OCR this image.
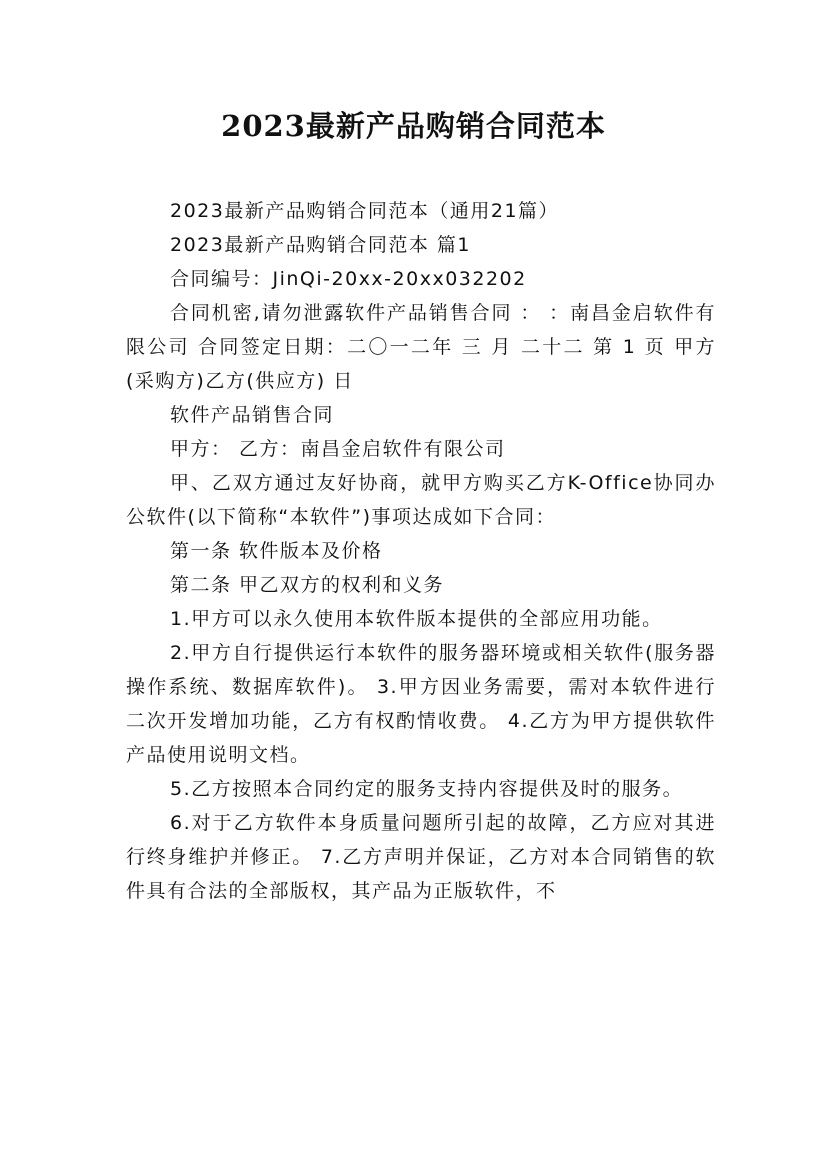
2023最新产品购销合同范本

2023最新产品购销合同范本（通用21篇）

2023最新产品购销合同范本 篇1

合同编号：JinQi-20xx-20xx032202

合同机密,请勿泄露软件产品销售合同 ： ：南昌金启软件有限公司 合同签定日期：二〇一二年 三 月 二十二 第 1 页 甲方(采购方)乙方(供应方) 日

软件产品销售合同

甲方： 乙方：南昌金启软件有限公司

甲、乙双方通过友好协商，就甲方购买乙方K-Office协同办公软件(以下简称“本软件”)事项达成如下合同：

第一条 软件版本及价格

第二条 甲乙双方的权利和义务

1.甲方可以永久使用本软件版本提供的全部应用功能。

2.甲方自行提供运行本软件的服务器环境或相关软件(服务器操作系统、数据库软件)。 3.甲方因业务需要，需对本软件进行二次开发增加功能，乙方有权酌情收费。 4.乙方为甲方提供软件产品使用说明文档。

5.乙方按照本合同约定的服务支持内容提供及时的服务。

6.对于乙方软件本身质量问题所引起的故障，乙方应对其进行终身维护并修正。 7.乙方声明并保证，乙方对本合同销售的软件具有合法的全部版权，其产品为正版软件，不
